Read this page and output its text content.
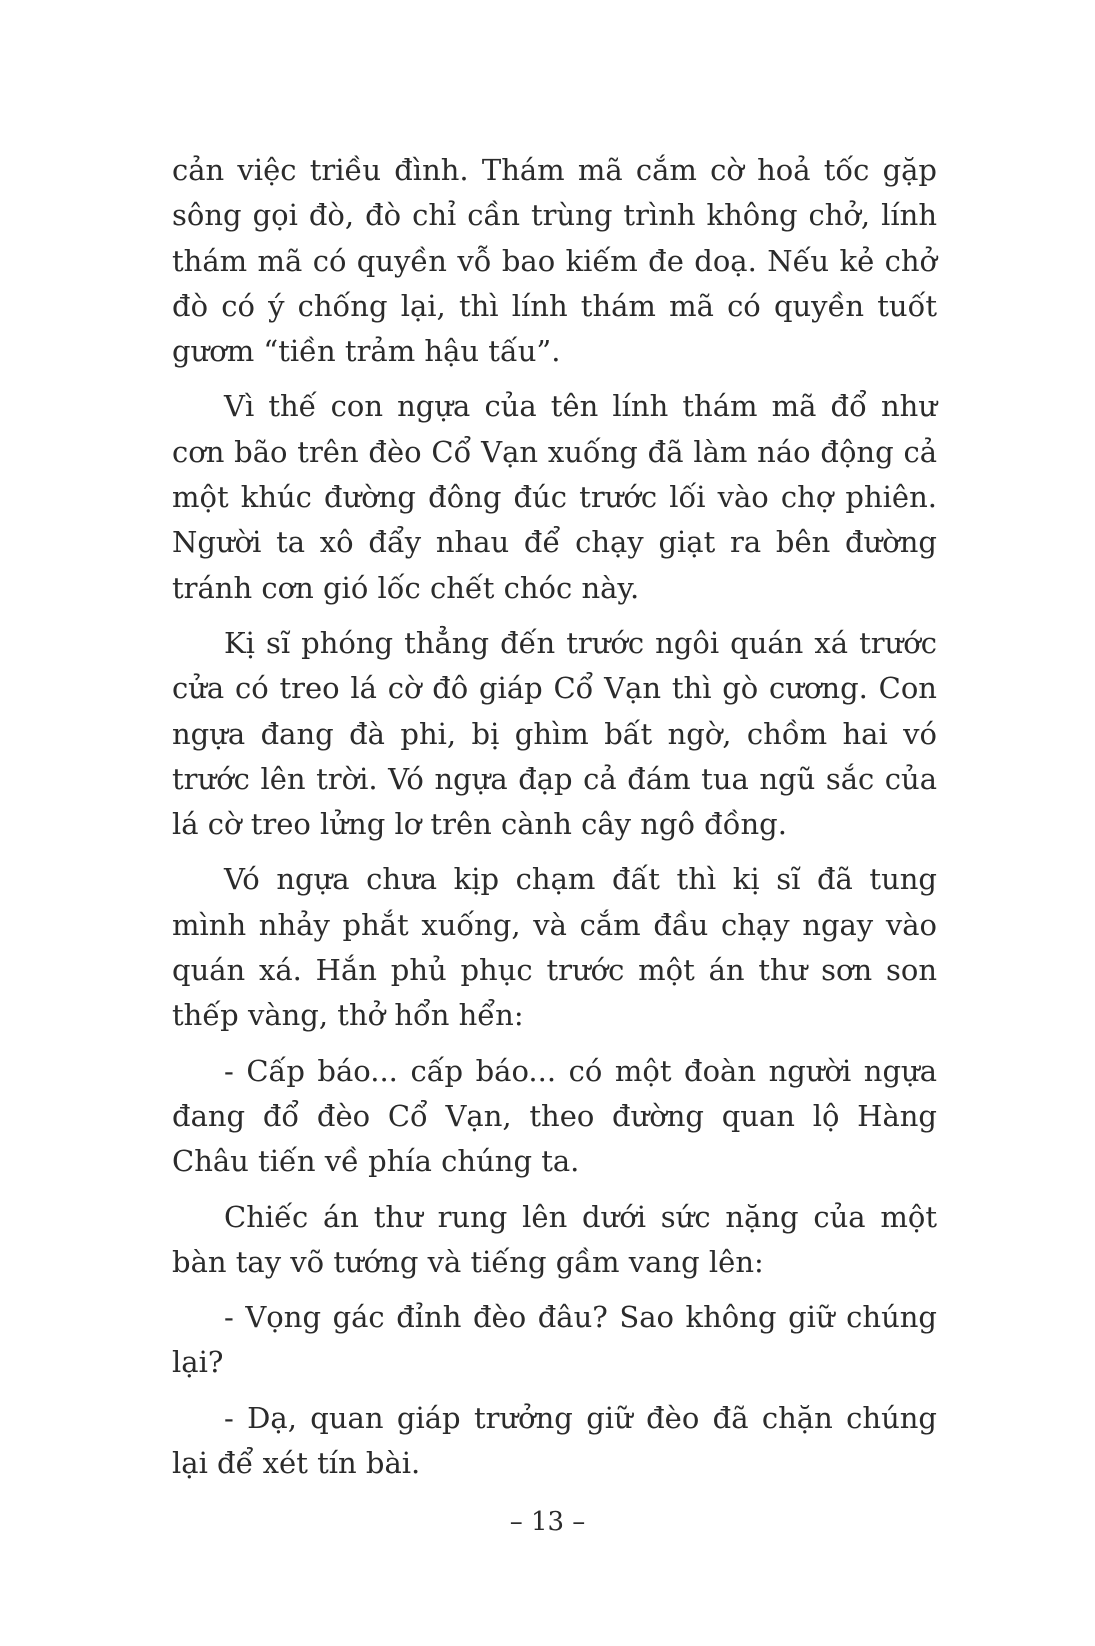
cản việc triều đình. Thám mã cắm cờ hoả tốc gặp sông gọi đò, đò chỉ cần trùng trình không chở, lính thám mã có quyền vỗ bao kiếm đe doạ. Nếu kẻ chở đò có ý chống lại, thì lính thám mã có quyền tuốt gươm “tiền trảm hậu tấu”.

Vì thế con ngựa của tên lính thám mã đổ như cơn bão trên đèo Cổ Vạn xuống đã làm náo động cả một khúc đường đông đúc trước lối vào chợ phiên. Người ta xô đẩy nhau để chạy giạt ra bên đường tránh cơn gió lốc chết chóc này.

Kị sĩ phóng thẳng đến trước ngôi quán xá trước cửa có treo lá cờ đô giáp Cổ Vạn thì gò cương. Con ngựa đang đà phi, bị ghìm bất ngờ, chồm hai vó trước lên trời. Vó ngựa đạp cả đám tua ngũ sắc của lá cờ treo lửng lơ trên cành cây ngô đồng.

Vó ngựa chưa kịp chạm đất thì kị sĩ đã tung mình nhảy phắt xuống, và cắm đầu chạy ngay vào quán xá. Hắn phủ phục trước một án thư sơn son thếp vàng, thở hổn hển:

- Cấp báo... cấp báo... có một đoàn người ngựa đang đổ đèo Cổ Vạn, theo đường quan lộ Hàng Châu tiến về phía chúng ta.

Chiếc án thư rung lên dưới sức nặng của một bàn tay võ tướng và tiếng gầm vang lên:

- Vọng gác đỉnh đèo đâu? Sao không giữ chúng lại?

- Dạ, quan giáp trưởng giữ đèo đã chặn chúng lại để xét tín bài.

– 13 –
